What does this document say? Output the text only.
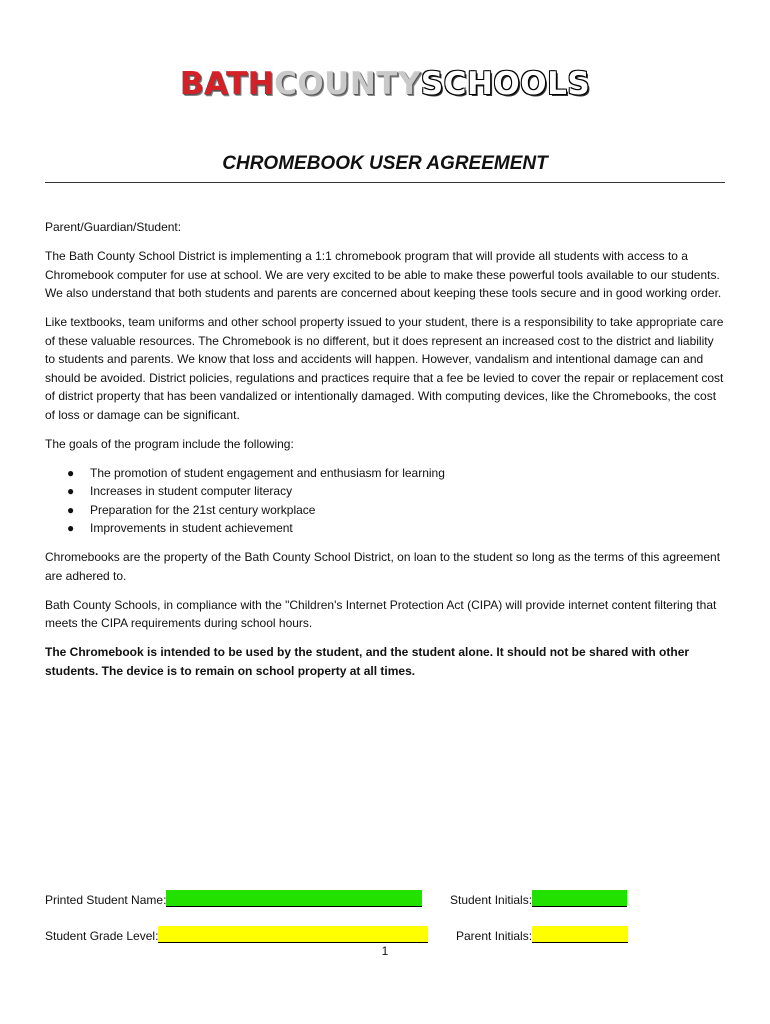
BATHCOUNTYSCHOOLS
CHROMEBOOK USER AGREEMENT

Parent/Guardian/Student:

The Bath County School District is implementing a 1:1 chromebook program that will provide all students with access to a Chromebook computer for use at school. We are very excited to be able to make these powerful tools available to our students. We also understand that both students and parents are concerned about keeping these tools secure and in good working order.

Like textbooks, team uniforms and other school property issued to your student, there is a responsibility to take appropriate care of these valuable resources. The Chromebook is no different, but it does represent an increased cost to the district and liability to students and parents. We know that loss and accidents will happen. However, vandalism and intentional damage can and should be avoided. District policies, regulations and practices require that a fee be levied to cover the repair or replacement cost of district property that has been vandalized or intentionally damaged. With computing devices, like the Chromebooks, the cost of loss or damage can be significant.

The goals of the program include the following:

● The promotion of student engagement and enthusiasm for learning
● Increases in student computer literacy
● Preparation for the 21st century workplace
● Improvements in student achievement

Chromebooks are the property of the Bath County School District, on loan to the student so long as the terms of this agreement are adhered to.

Bath County Schools, in compliance with the "Children's Internet Protection Act (CIPA) will provide internet content filtering that meets the CIPA requirements during school hours.

The Chromebook is intended to be used by the student, and the student alone. It should not be shared with other students. The device is to remain on school property at all times.

Printed Student Name:	Student Initials:
Student Grade Level:	Parent Initials:
1
